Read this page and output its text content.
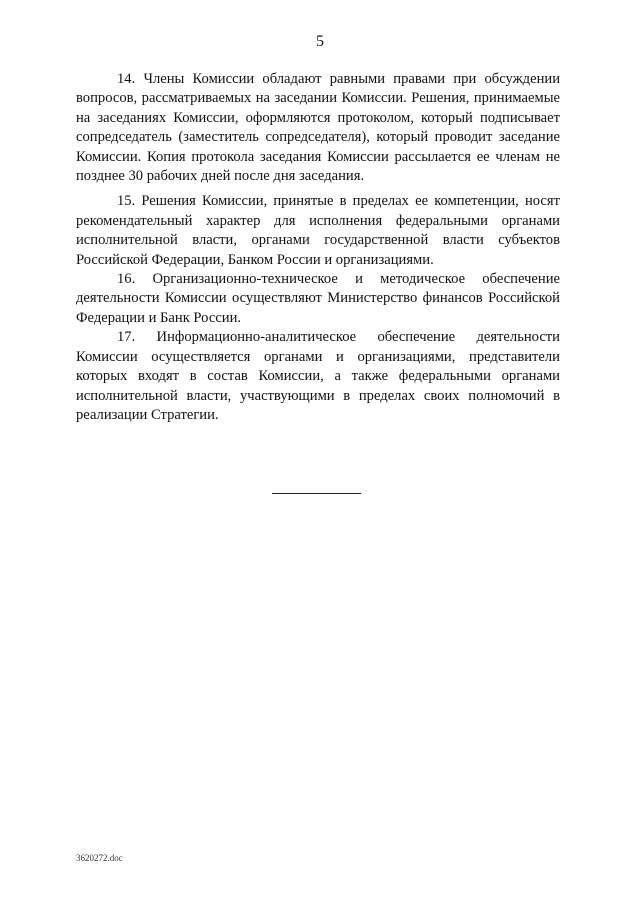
5

14. Члены Комиссии обладают равными правами при обсуждении вопросов, рассматриваемых на заседании Комиссии. Решения, принимаемые на заседаниях Комиссии, оформляются протоколом, который подписывает сопредседатель (заместитель сопредседателя), который проводит заседание Комиссии. Копия протокола заседания Комиссии рассылается ее членам не позднее 30 рабочих дней после дня заседания.

15. Решения Комиссии, принятые в пределах ее компетенции, носят рекомендательный характер для исполнения федеральными органами исполнительной власти, органами государственной власти субъектов Российской Федерации, Банком России и организациями.

16. Организационно-техническое и методическое обеспечение деятельности Комиссии осуществляют Министерство финансов Российской Федерации и Банк России.

17. Информационно-аналитическое обеспечение деятельности Комиссии осуществляется органами и организациями, представители которых входят в состав Комиссии, а также федеральными органами исполнительной власти, участвующими в пределах своих полномочий в реализации Стратегии.

3620272.doc
